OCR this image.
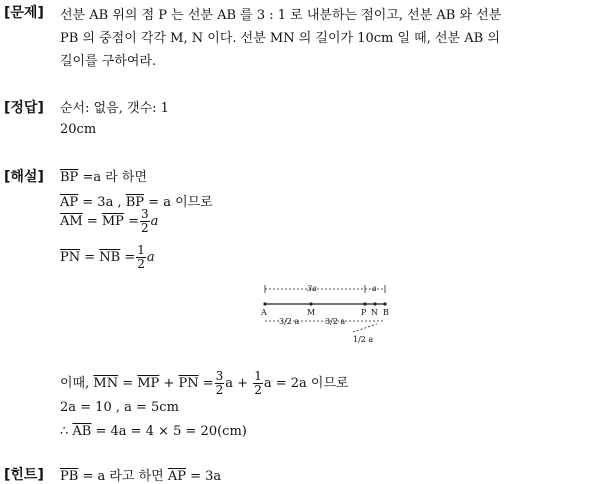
[문제] 선분 AB 위의 점 P 는 선분 AB 를 3 : 1 로 내분하는 점이고, 선분 AB 와 선분
PB 의 중점이 각각 M, N 이다. 선분 MN 의 길이가 10cm 일 때, 선분 AB 의
길이를 구하여라.
[정답] 순서: 없음, 갯수: 1
20cm
[해설] $\overline{BP} =a$ 라 하면
$\overline{AP} = 3a$ , $\overline{BP} = a$ 이므로
$\overline{AM} = \overline{MP} = \frac{3}{2}$ a
$\overline{PN} = \overline{NB} = \frac{1}{2}$ a
3a	a
A	M	P N B
3/2 a	3/2 a
1/2 a
이때, $\overline{MN} = \overline{MP} + \overline{PN} = \frac{3}{2}$ $a + \frac{1}{2}$ a = 2a 이므로
2a = 10 , a = 5cm
∴ $\overline{AB} = 4a = 4 \times 5 = 20(cm)$
[힌트] $\overline{PB} = a$ 라고 하면 $\overline{AP} = 3a$
